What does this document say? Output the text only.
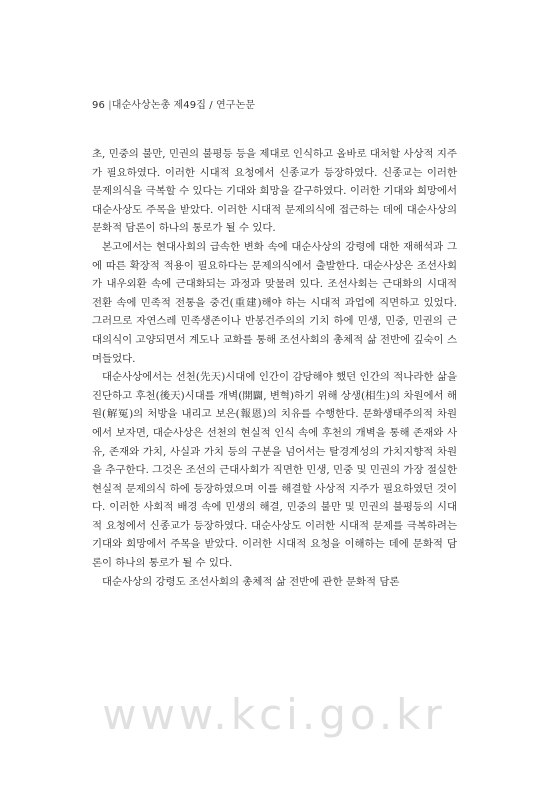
96 |대순사상논총 제49집 / 연구논문

초, 민중의 불만, 민권의 불평등 등을 제대로 인식하고 올바로 대처할 사상적 지주가 필요하였다. 이러한 시대적 요청에서 신종교가 등장하였다. 신종교는 이러한 문제의식을 극복할 수 있다는 기대와 희망을 갈구하였다. 이러한 기대와 희망에서 대순사상도 주목을 받았다. 이러한 시대적 문제의식에 접근하는 데에 대순사상의 문화적 담론이 하나의 통로가 될 수 있다.

본고에서는 현대사회의 급속한 변화 속에 대순사상의 강령에 대한 재해석과 그에 따른 확장적 적용이 필요하다는 문제의식에서 출발한다. 대순사상은 조선사회가 내우외환 속에 근대화되는 과정과 맞물려 있다. 조선사회는 근대화의 시대적 전환 속에 민족적 전통을 중건(重建)해야 하는 시대적 과업에 직면하고 있었다. 그러므로 자연스레 민족생존이나 반봉건주의의 기치 하에 민생, 민중, 민권의 근대의식이 고양되면서 계도나 교화를 통해 조선사회의 총체적 삶 전반에 깊숙이 스며들었다.

대순사상에서는 선천(先天)시대에 인간이 감당해야 했던 인간의 적나라한 삶을 진단하고 후천(後天)시대를 개벽(開闢, 변혁)하기 위해 상생(相生)의 차원에서 해원(解冤)의 처방을 내리고 보은(報恩)의 치유를 수행한다. 문화생태주의적 차원에서 보자면, 대순사상은 선천의 현실적 인식 속에 후천의 개벽을 통해 존재와 사유, 존재와 가치, 사실과 가치 등의 구분을 넘어서는 탈경계성의 가치지향적 차원을 추구한다. 그것은 조선의 근대사회가 직면한 민생, 민중 및 민권의 가장 절실한 현실적 문제의식 하에 등장하였으며 이를 해결할 사상적 지주가 필요하였던 것이다. 이러한 사회적 배경 속에 민생의 해결, 민중의 불만 및 민권의 불평등의 시대적 요청에서 신종교가 등장하였다. 대순사상도 이러한 시대적 문제를 극복하려는 기대와 희망에서 주목을 받았다. 이러한 시대적 요청을 이해하는 데에 문화적 담론이 하나의 통로가 될 수 있다.

대순사상의 강령도 조선사회의 총체적 삶 전반에 관한 문화적 담론

www.kci.go.kr
